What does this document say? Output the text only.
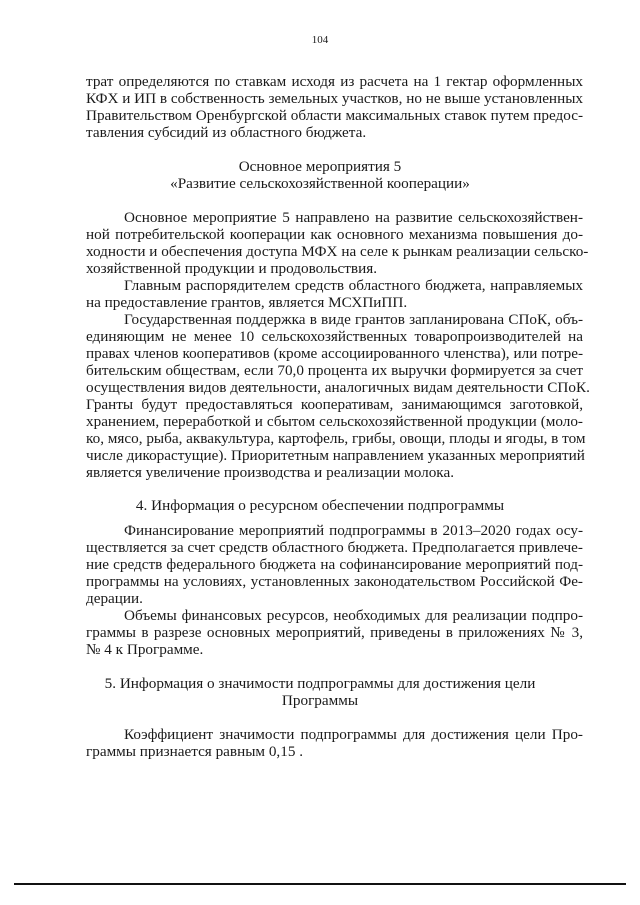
104
трат определяются по ставкам исходя из расчета на 1 гектар оформленных
КФХ и ИП в собственность земельных участков, но не выше установленных
Правительством Оренбургской области максимальных ставок путем предос-
тавления субсидий из областного бюджета.
Основное мероприятия 5
«Развитие сельскохозяйственной кооперации»
Основное мероприятие 5 направлено на развитие сельскохозяйствен-
ной потребительской кооперации как основного механизма повышения до-
ходности и обеспечения доступа МФХ на селе к рынкам реализации сельско-
хозяйственной продукции и продовольствия.
Главным распорядителем средств областного бюджета, направляемых
на предоставление грантов, является МСХПиПП.
Государственная поддержка в виде грантов запланирована СПоК, объ-
единяющим не менее 10 сельскохозяйственных товаропроизводителей на
правах членов кооперативов (кроме ассоциированного членства), или потре-
бительским обществам, если 70,0 процента их выручки формируется за счет
осуществления видов деятельности, аналогичных видам деятельности СПоК.
Гранты будут предоставляться кооперативам, занимающимся заготовкой,
хранением, переработкой и сбытом сельскохозяйственной продукции (моло-
ко, мясо, рыба, аквакультура, картофель, грибы, овощи, плоды и ягоды, в том
числе дикорастущие). Приоритетным направлением указанных мероприятий
является увеличение производства и реализации молока.
4. Информация о ресурсном обеспечении подпрограммы
Финансирование мероприятий подпрограммы в 2013–2020 годах осу-
ществляется за счет средств областного бюджета. Предполагается привлече-
ние средств федерального бюджета на софинансирование мероприятий под-
программы на условиях, установленных законодательством Российской Фе-
дерации.
Объемы финансовых ресурсов, необходимых для реализации подпро-
граммы в разрезе основных мероприятий, приведены в приложениях № 3,
№ 4 к Программе.
5. Информация о значимости подпрограммы для достижения цели
Программы
Коэффициент значимости подпрограммы для достижения цели Про-
граммы признается равным 0,15 .
